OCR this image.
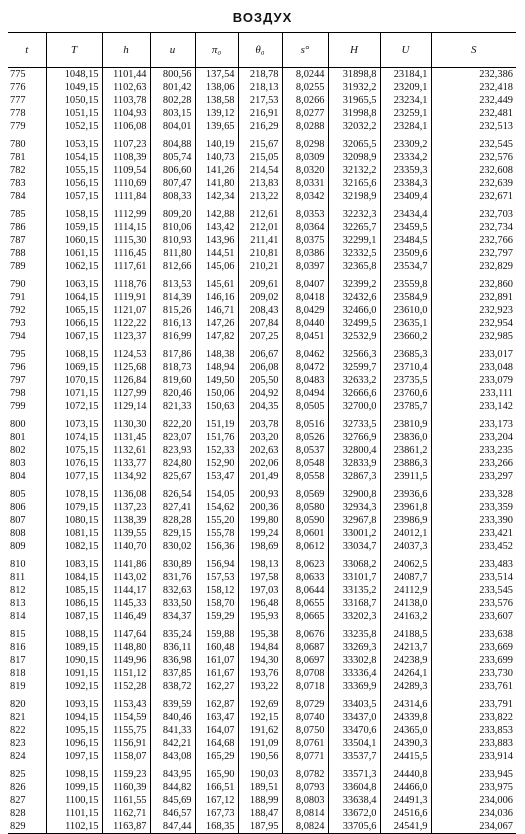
ВОЗДУХ
t	T	h	u	π₀	θ₀	s°	H	U	S
775	1048,15	1101,44	800,56	137,54	218,78	8,0244	31898,8	23184,1	232,386
776	1049,15	1102,63	801,42	138,06	218,13	8,0255	31932,2	23209,1	232,418
777	1050,15	1103,78	802,28	138,58	217,53	8,0266	31965,5	23234,1	232,449
778	1051,15	1104,93	803,15	139,12	216,91	8,0277	31998,8	23259,1	232,481
779	1052,15	1106,08	804,01	139,65	216,29	8,0288	32032,2	23284,1	232,513
780	1053,15	1107,23	804,88	140,19	215,67	8,0298	32065,5	23309,2	232,545
781	1054,15	1108,39	805,74	140,73	215,05	8,0309	32098,9	23334,2	232,576
782	1055,15	1109,54	806,60	141,26	214,54	8,0320	32132,2	23359,3	232,608
783	1056,15	1110,69	807,47	141,80	213,83	8,0331	32165,6	23384,3	232,639
784	1057,15	1111,84	808,33	142,34	213,22	8,0342	32198,9	23409,4	232,671
785	1058,15	1112,99	809,20	142,88	212,61	8,0353	32232,3	23434,4	232,703
786	1059,15	1114,15	810,06	143,42	212,01	8,0364	32265,7	23459,5	232,734
787	1060,15	1115,30	810,93	143,96	211,41	8,0375	32299,1	23484,5	232,766
788	1061,15	1116,45	811,80	144,51	210,81	8,0386	32332,5	23509,6	232,797
789	1062,15	1117,61	812,66	145,06	210,21	8,0397	32365,8	23534,7	232,829
790	1063,15	1118,76	813,53	145,61	209,61	8,0407	32399,2	23559,8	232,860
791	1064,15	1119,91	814,39	146,16	209,02	8,0418	32432,6	23584,9	232,891
792	1065,15	1121,07	815,26	146,71	208,43	8,0429	32466,0	23610,0	232,923
793	1066,15	1122,22	816,13	147,26	207,84	8,0440	32499,5	23635,1	232,954
794	1067,15	1123,37	816,99	147,82	207,25	8,0451	32532,9	23660,2	232,985
795	1068,15	1124,53	817,86	148,38	206,67	8,0462	32566,3	23685,3	233,017
796	1069,15	1125,68	818,73	148,94	206,08	8,0472	32599,7	23710,4	233,048
797	1070,15	1126,84	819,60	149,50	205,50	8,0483	32633,2	23735,5	233,079
798	1071,15	1127,99	820,46	150,06	204,92	8,0494	32666,6	23760,6	233,111
799	1072,15	1129,14	821,33	150,63	204,35	8,0505	32700,0	23785,7	233,142
800	1073,15	1130,30	822,20	151,19	203,78	8,0516	32733,5	23810,9	233,173
801	1074,15	1131,45	823,07	151,76	203,20	8,0526	32766,9	23836,0	233,204
802	1075,15	1132,61	823,93	152,33	202,63	8,0537	32800,4	23861,2	233,235
803	1076,15	1133,77	824,80	152,90	202,06	8,0548	32833,9	23886,3	233,266
804	1077,15	1134,92	825,67	153,47	201,49	8,0558	32867,3	23911,5	233,297
805	1078,15	1136,08	826,54	154,05	200,93	8,0569	32900,8	23936,6	233,328
806	1079,15	1137,23	827,41	154,62	200,36	8,0580	32934,3	23961,8	233,359
807	1080,15	1138,39	828,28	155,20	199,80	8,0590	32967,8	23986,9	233,390
808	1081,15	1139,55	829,15	155,78	199,24	8,0601	33001,2	24012,1	233,421
809	1082,15	1140,70	830,02	156,36	198,69	8,0612	33034,7	24037,3	233,452
810	1083,15	1141,86	830,89	156,94	198,13	8,0623	33068,2	24062,5	233,483
811	1084,15	1143,02	831,76	157,53	197,58	8,0633	33101,7	24087,7	233,514
812	1085,15	1144,17	832,63	158,12	197,03	8,0644	33135,2	24112,9	233,545
813	1086,15	1145,33	833,50	158,70	196,48	8,0655	33168,7	24138,0	233,576
814	1087,15	1146,49	834,37	159,29	195,93	8,0665	33202,3	24163,2	233,607
815	1088,15	1147,64	835,24	159,88	195,38	8,0676	33235,8	24188,5	233,638
816	1089,15	1148,80	836,11	160,48	194,84	8,0687	33269,3	24213,7	233,669
817	1090,15	1149,96	836,98	161,07	194,30	8,0697	33302,8	24238,9	233,699
818	1091,15	1151,12	837,85	161,67	193,76	8,0708	33336,4	24264,1	233,730
819	1092,15	1152,28	838,72	162,27	193,22	8,0718	33369,9	24289,3	233,761
820	1093,15	1153,43	839,59	162,87	192,69	8,0729	33403,5	24314,6	233,791
821	1094,15	1154,59	840,46	163,47	192,15	8,0740	33437,0	24339,8	233,822
822	1095,15	1155,75	841,33	164,07	191,62	8,0750	33470,6	24365,0	233,853
823	1096,15	1156,91	842,21	164,68	191,09	8,0761	33504,1	24390,3	233,883
824	1097,15	1158,07	843,08	165,29	190,56	8,0771	33537,7	24415,5	233,914
825	1098,15	1159,23	843,95	165,90	190,03	8,0782	33571,3	24440,8	233,945
826	1099,15	1160,39	844,82	166,51	189,51	8,0793	33604,8	24466,0	233,975
827	1100,15	1161,55	845,69	167,12	188,99	8,0803	33638,4	24491,3	234,006
828	1101,15	1162,71	846,57	167,73	188,47	8,0814	33672,0	24516,6	234,036
829	1102,15	1163,87	847,44	168,35	187,95	8,0824	33705,6	24541,9	234,067
